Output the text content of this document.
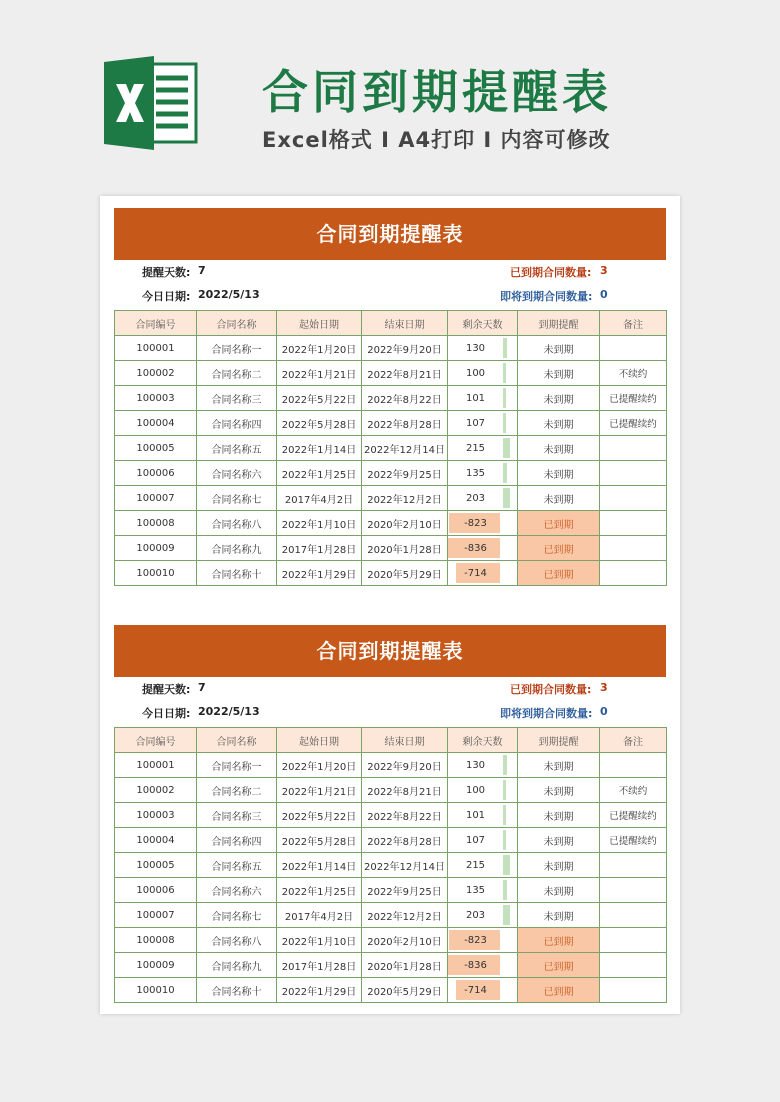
合同到期提醒表
Excel格式 I A4打印 I 内容可修改
合同到期提醒表
提醒天数: 7
今日日期: 2022/5/13
已到期合同数量: 3
即将到期合同数量: 0
合同编号	合同名称	起始日期	结束日期	剩余天数	到期提醒	备注
100001	合同名称一	2022年1月20日	2022年9月20日	130	未到期	
100002	合同名称二	2022年1月21日	2022年8月21日	100	未到期	不续约
100003	合同名称三	2022年5月22日	2022年8月22日	101	未到期	已提醒续约
100004	合同名称四	2022年5月28日	2022年8月28日	107	未到期	已提醒续约
100005	合同名称五	2022年1月14日	2022年12月14日	215	未到期	
100006	合同名称六	2022年1月25日	2022年9月25日	135	未到期	
100007	合同名称七	2017年4月2日	2022年12月2日	203	未到期	
100008	合同名称八	2022年1月10日	2020年2月10日	-823	已到期	
100009	合同名称九	2017年1月28日	2020年1月28日	-836	已到期	
100010	合同名称十	2022年1月29日	2020年5月29日	-714	已到期	
合同到期提醒表
提醒天数: 7
今日日期: 2022/5/13
已到期合同数量: 3
即将到期合同数量: 0
合同编号	合同名称	起始日期	结束日期	剩余天数	到期提醒	备注
100001	合同名称一	2022年1月20日	2022年9月20日	130	未到期	
100002	合同名称二	2022年1月21日	2022年8月21日	100	未到期	不续约
100003	合同名称三	2022年5月22日	2022年8月22日	101	未到期	已提醒续约
100004	合同名称四	2022年5月28日	2022年8月28日	107	未到期	已提醒续约
100005	合同名称五	2022年1月14日	2022年12月14日	215	未到期	
100006	合同名称六	2022年1月25日	2022年9月25日	135	未到期	
100007	合同名称七	2017年4月2日	2022年12月2日	203	未到期	
100008	合同名称八	2022年1月10日	2020年2月10日	-823	已到期	
100009	合同名称九	2017年1月28日	2020年1月28日	-836	已到期	
100010	合同名称十	2022年1月29日	2020年5月29日	-714	已到期	
